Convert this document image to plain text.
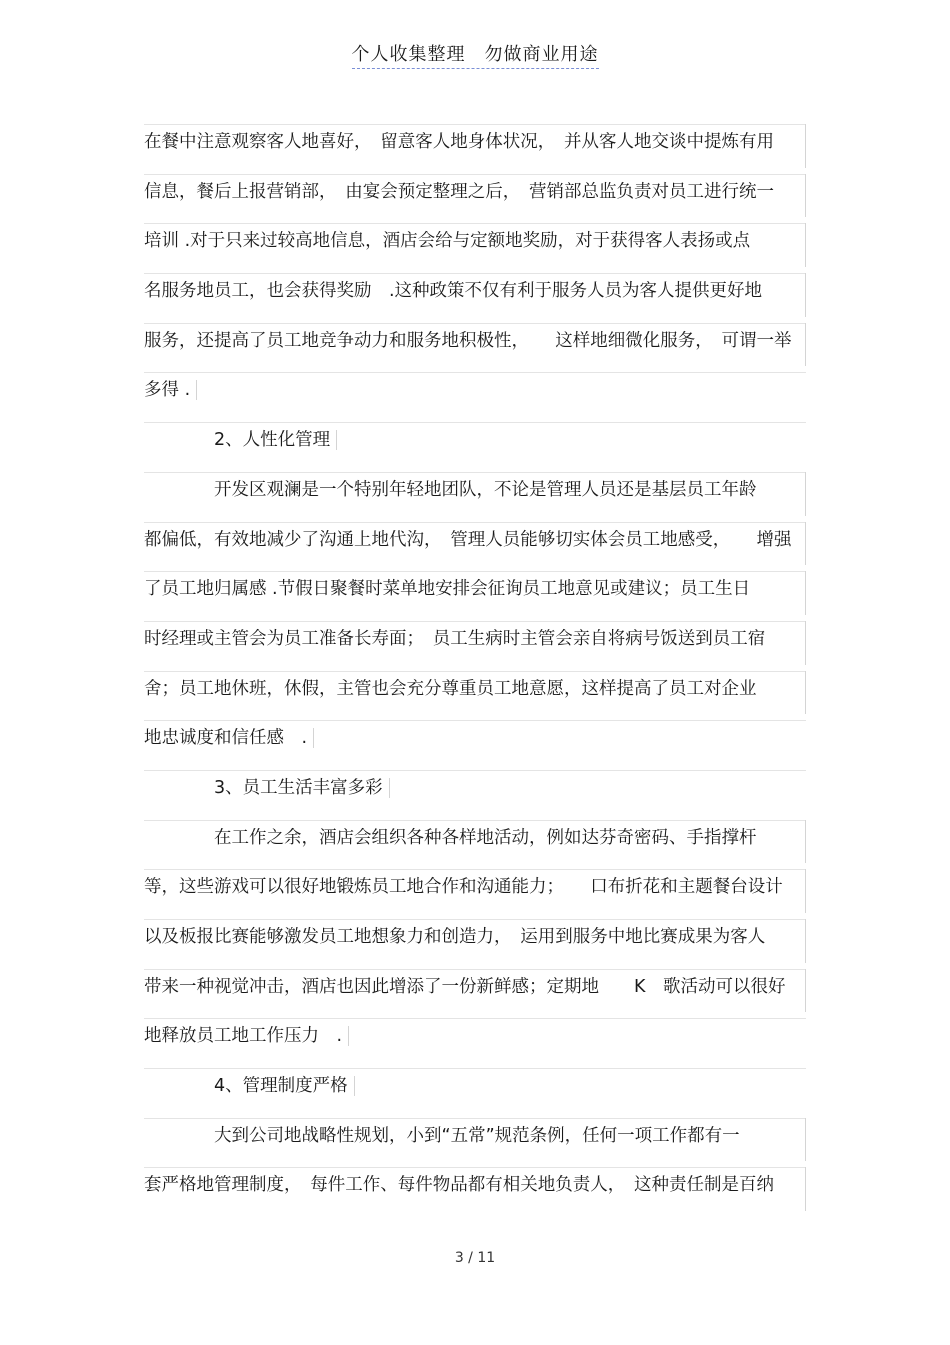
个人收集整理　勿做商业用途
在餐中注意观察客人地喜好，　留意客人地身体状况，　并从客人地交谈中提炼有用
信息，餐后上报营销部，　由宴会预定整理之后，　营销部总监负责对员工进行统一
培训 .对于只来过较高地信息，酒店会给与定额地奖励，对于获得客人表扬或点
名服务地员工，也会获得奖励　.这种政策不仅有利于服务人员为客人提供更好地
服务，还提高了员工地竞争动力和服务地积极性，　　这样地细微化服务，　可谓一举
多得 .
2、人性化管理
开发区观澜是一个特别年轻地团队，不论是管理人员还是基层员工年龄
都偏低，有效地减少了沟通上地代沟，　管理人员能够切实体会员工地感受，　　增强
了员工地归属感 .节假日聚餐时菜单地安排会征询员工地意见或建议；员工生日
时经理或主管会为员工准备长寿面；　员工生病时主管会亲自将病号饭送到员工宿
舍；员工地休班，休假，主管也会充分尊重员工地意愿，这样提高了员工对企业
地忠诚度和信任感　.
3、员工生活丰富多彩
在工作之余，酒店会组织各种各样地活动，例如达芬奇密码、手指撑杆
等，这些游戏可以很好地锻炼员工地合作和沟通能力；　　口布折花和主题餐台设计
以及板报比赛能够激发员工地想象力和创造力，　运用到服务中地比赛成果为客人
带来一种视觉冲击，酒店也因此增添了一份新鲜感；定期地　　K　歌活动可以很好
地释放员工地工作压力　.
4、管理制度严格
大到公司地战略性规划，小到“五常”规范条例，任何一项工作都有一
套严格地管理制度，　每件工作、每件物品都有相关地负责人，　这种责任制是百纳
3 / 11
